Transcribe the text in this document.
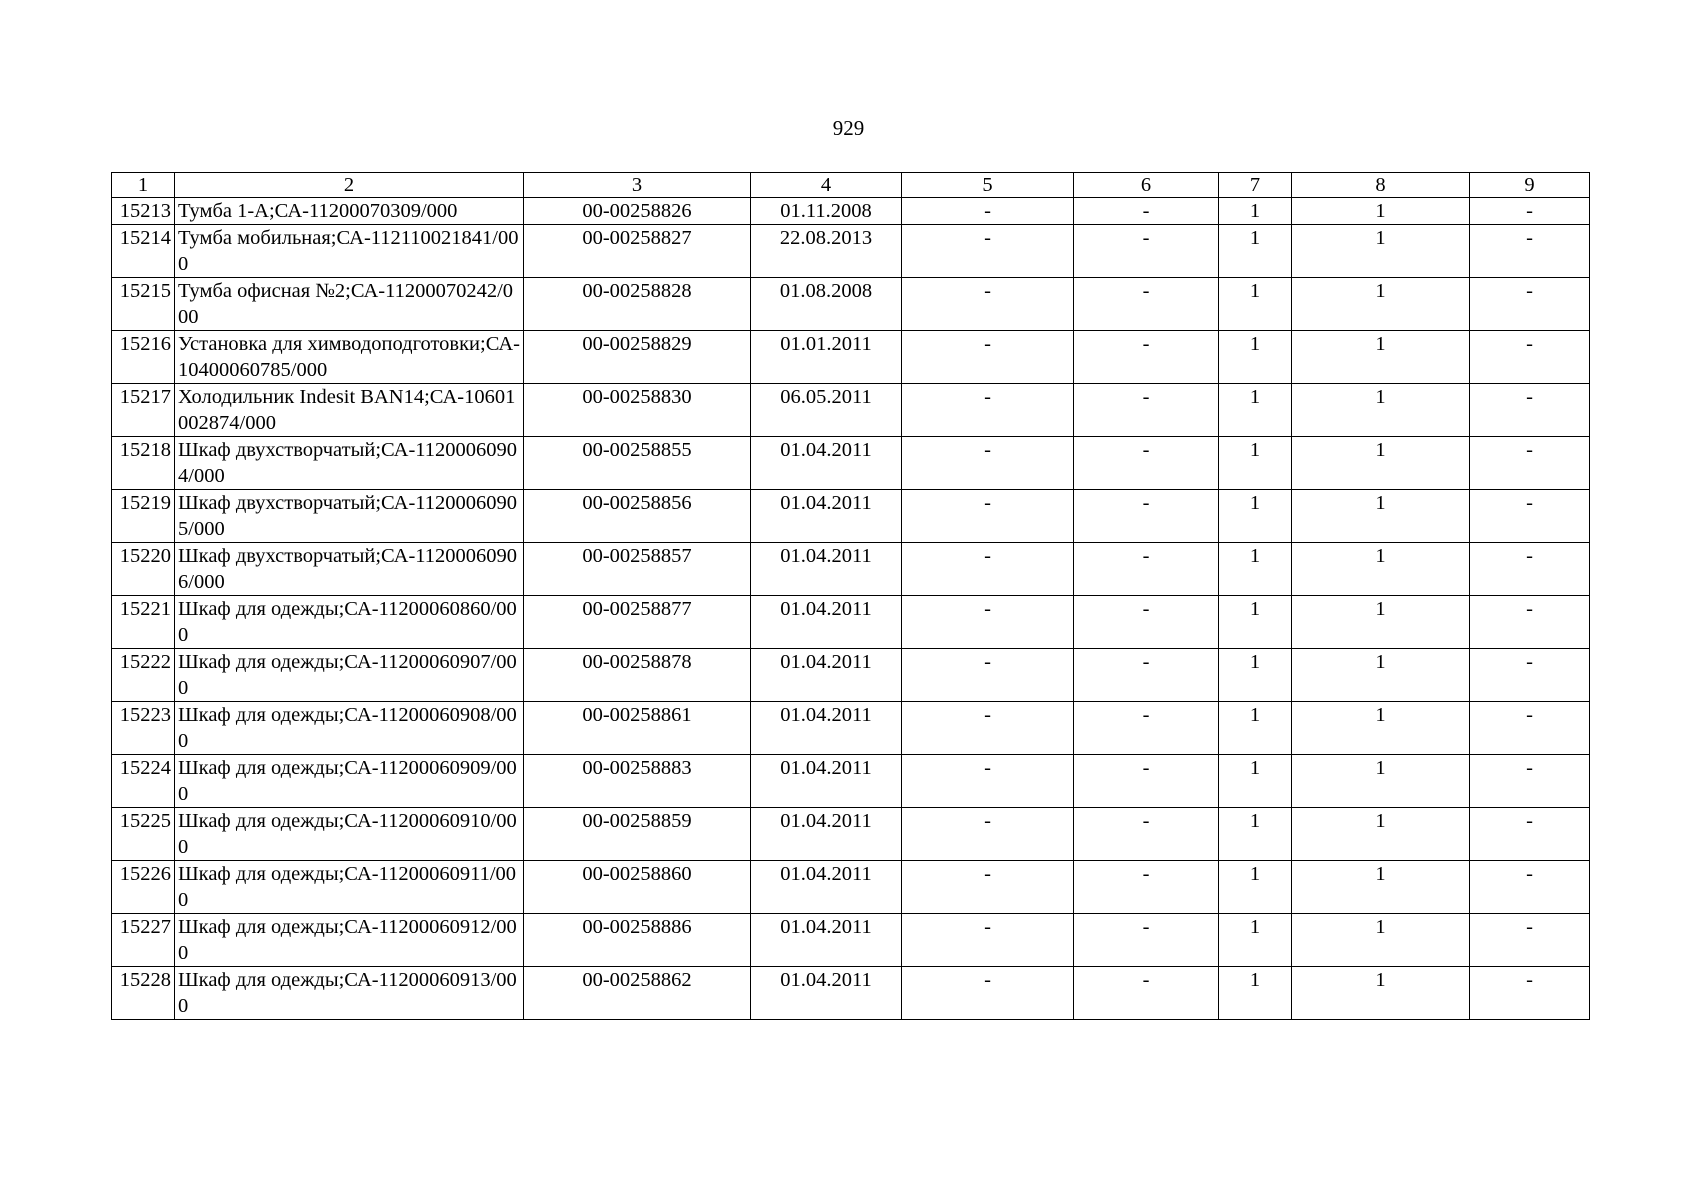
929
1	2	3	4	5	6	7	8	9
15213	Тумба 1-А;СА-11200070309/000	00-00258826	01.11.2008	-	-	1	1	-
15214	Тумба мобильная;СА-112110021841/000	00-00258827	22.08.2013	-	-	1	1	-
15215	Тумба офисная №2;СА-11200070242/000	00-00258828	01.08.2008	-	-	1	1	-
15216	Установка для химводоподготовки;СА-10400060785/000	00-00258829	01.01.2011	-	-	1	1	-
15217	Холодильник Indesit BAN14;СА-10601002874/000	00-00258830	06.05.2011	-	-	1	1	-
15218	Шкаф двухстворчатый;СА-11200060904/000	00-00258855	01.04.2011	-	-	1	1	-
15219	Шкаф двухстворчатый;СА-11200060905/000	00-00258856	01.04.2011	-	-	1	1	-
15220	Шкаф двухстворчатый;СА-11200060906/000	00-00258857	01.04.2011	-	-	1	1	-
15221	Шкаф для одежды;СА-11200060860/000	00-00258877	01.04.2011	-	-	1	1	-
15222	Шкаф для одежды;СА-11200060907/000	00-00258878	01.04.2011	-	-	1	1	-
15223	Шкаф для одежды;СА-11200060908/000	00-00258861	01.04.2011	-	-	1	1	-
15224	Шкаф для одежды;СА-11200060909/000	00-00258883	01.04.2011	-	-	1	1	-
15225	Шкаф для одежды;СА-11200060910/000	00-00258859	01.04.2011	-	-	1	1	-
15226	Шкаф для одежды;СА-11200060911/000	00-00258860	01.04.2011	-	-	1	1	-
15227	Шкаф для одежды;СА-11200060912/000	00-00258886	01.04.2011	-	-	1	1	-
15228	Шкаф для одежды;СА-11200060913/000	00-00258862	01.04.2011	-	-	1	1	-
